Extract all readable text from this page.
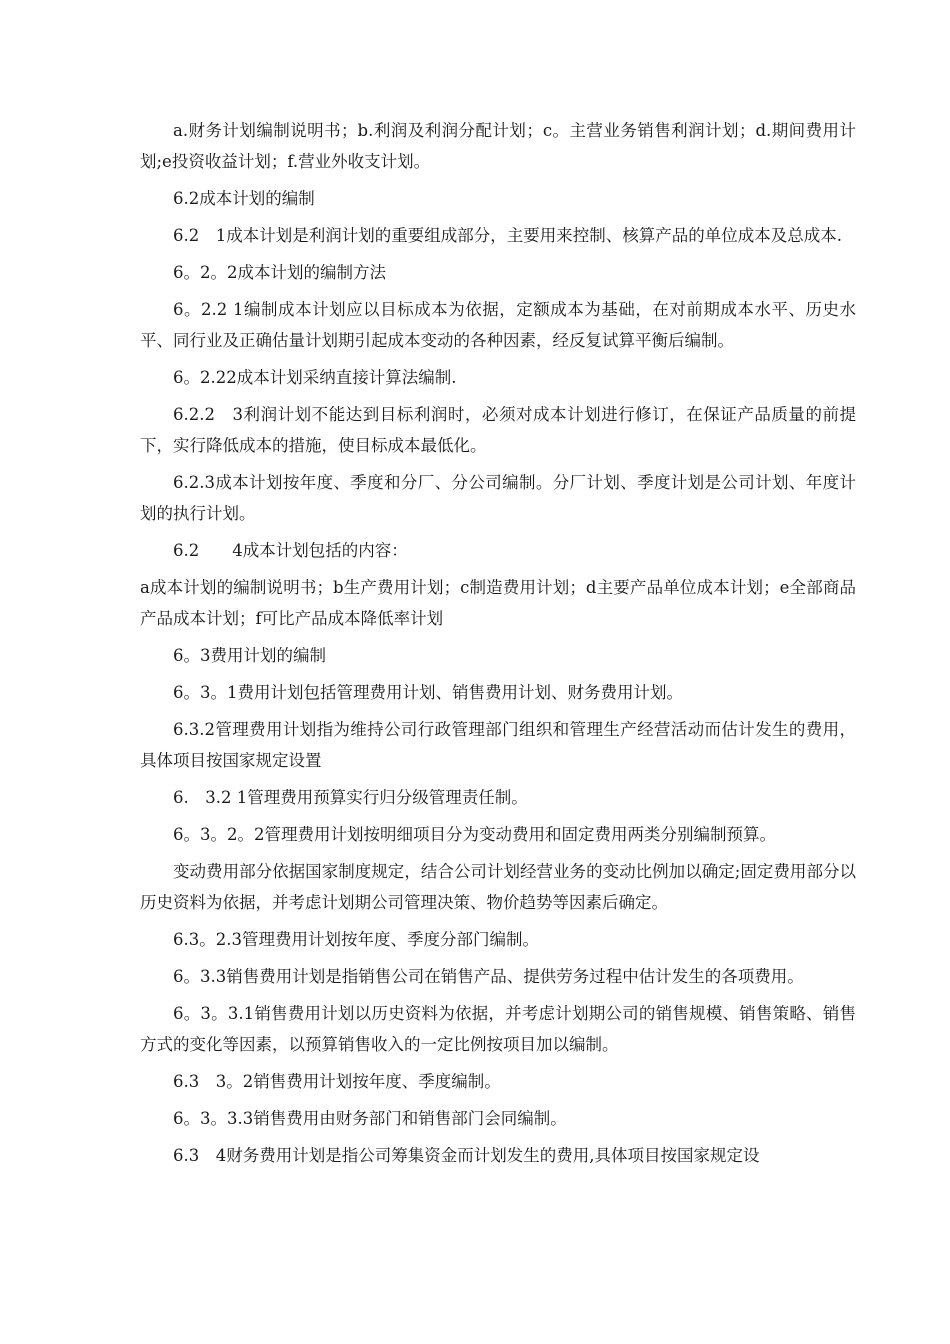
a.财务计划编制说明书；b.利润及利润分配计划；c。主营业务销售利润计划；d.期间费用计划;e投资收益计划；f.营业外收支计划。

6.2成本计划的编制

6.2　1成本计划是利润计划的重要组成部分，主要用来控制、核算产品的单位成本及总成本.

6。2。2成本计划的编制方法

6。2.2 1编制成本计划应以目标成本为依据，定额成本为基础，在对前期成本水平、历史水平、同行业及正确估量计划期引起成本变动的各种因素，经反复试算平衡后编制。

6。2.22成本计划采纳直接计算法编制.

6.2.2　3利润计划不能达到目标利润时，必须对成本计划进行修订，在保证产品质量的前提下，实行降低成本的措施，使目标成本最低化。

6.2.3成本计划按年度、季度和分厂、分公司编制。分厂计划、季度计划是公司计划、年度计划的执行计划。

6.2　　4成本计划包括的内容：

a成本计划的编制说明书；b生产费用计划；c制造费用计划；d主要产品单位成本计划；e全部商品产品成本计划；f可比产品成本降低率计划

6。3费用计划的编制

6。3。1费用计划包括管理费用计划、销售费用计划、财务费用计划。

6.3.2管理费用计划指为维持公司行政管理部门组织和管理生产经营活动而估计发生的费用，具体项目按国家规定设置

6.　3.2 1管理费用预算实行归分级管理责任制。

6。3。2。2管理费用计划按明细项目分为变动费用和固定费用两类分别编制预算。

变动费用部分依据国家制度规定，结合公司计划经营业务的变动比例加以确定;固定费用部分以历史资料为依据，并考虑计划期公司管理决策、物价趋势等因素后确定。

6.3。2.3管理费用计划按年度、季度分部门编制。

6。3.3销售费用计划是指销售公司在销售产品、提供劳务过程中估计发生的各项费用。

6。3。3.1销售费用计划以历史资料为依据，并考虑计划期公司的销售规模、销售策略、销售方式的变化等因素，以预算销售收入的一定比例按项目加以编制。

6.3　3。2销售费用计划按年度、季度编制。

6。3。3.3销售费用由财务部门和销售部门会同编制。

6.3　4财务费用计划是指公司筹集资金而计划发生的费用,具体项目按国家规定设
